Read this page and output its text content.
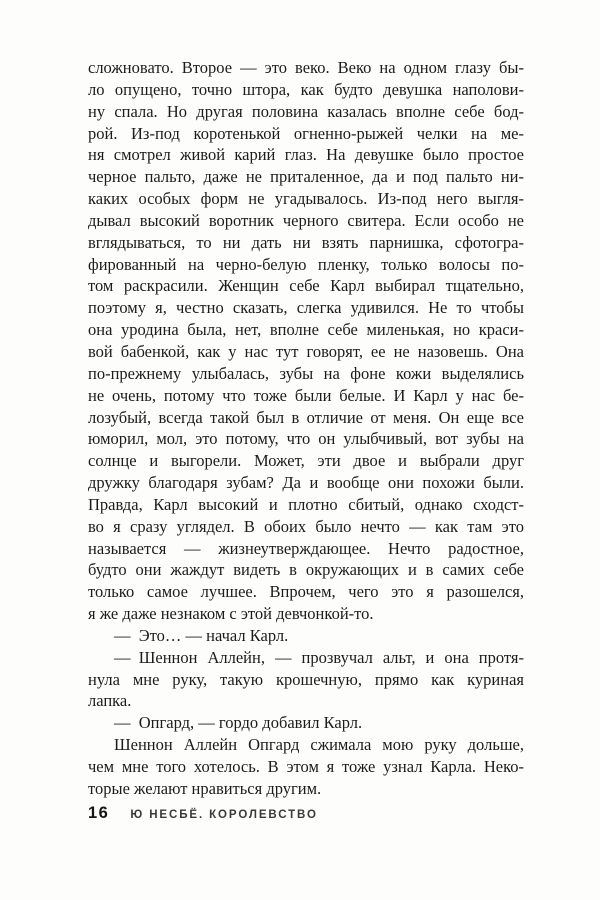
сложновато. Второе — это веко. Веко на одном глазу бы-
ло опущено, точно штора, как будто девушка наполови-
ну спала. Но другая половина казалась вполне себе бод-
рой. Из-под коротенькой огненно-рыжей челки на ме-
ня смотрел живой карий глаз. На девушке было простое
черное пальто, даже не приталенное, да и под пальто ни-
каких особых форм не угадывалось. Из-под него выгля-
дывал высокий воротник черного свитера. Если особо не
вглядываться, то ни дать ни взять парнишка, сфотогра-
фированный на черно-белую пленку, только волосы по-
том раскрасили. Женщин себе Карл выбирал тщательно,
поэтому я, честно сказать, слегка удивился. Не то чтобы
она уродина была, нет, вполне себе миленькая, но краси-
вой бабенкой, как у нас тут говорят, ее не назовешь. Она
по-прежнему улыбалась, зубы на фоне кожи выделялись
не очень, потому что тоже были белые. И Карл у нас бе-
лозубый, всегда такой был в отличие от меня. Он еще все
юморил, мол, это потому, что он улыбчивый, вот зубы на
солнце и выгорели. Может, эти двое и выбрали друг
дружку благодаря зубам? Да и вообще они похожи были.
Правда, Карл высокий и плотно сбитый, однако сходст-
во я сразу углядел. В обоих было нечто — как там это
называется — жизнеутверждающее. Нечто радостное,
будто они жаждут видеть в окружающих и в самих себе
только самое лучшее. Впрочем, чего это я разошелся,
я же даже незнаком с этой девчонкой-то.
— Это… — начал Карл.
— Шеннон Аллейн, — прозвучал альт, и она протя-
нула мне руку, такую крошечную, прямо как куриная
лапка.
— Опгард, — гордо добавил Карл.
Шеннон Аллейн Опгард сжимала мою руку дольше,
чем мне того хотелось. В этом я тоже узнал Карла. Неко-
торые желают нравиться другим.
16 Ю НЕСБЁ. КОРОЛЕВСТВО
